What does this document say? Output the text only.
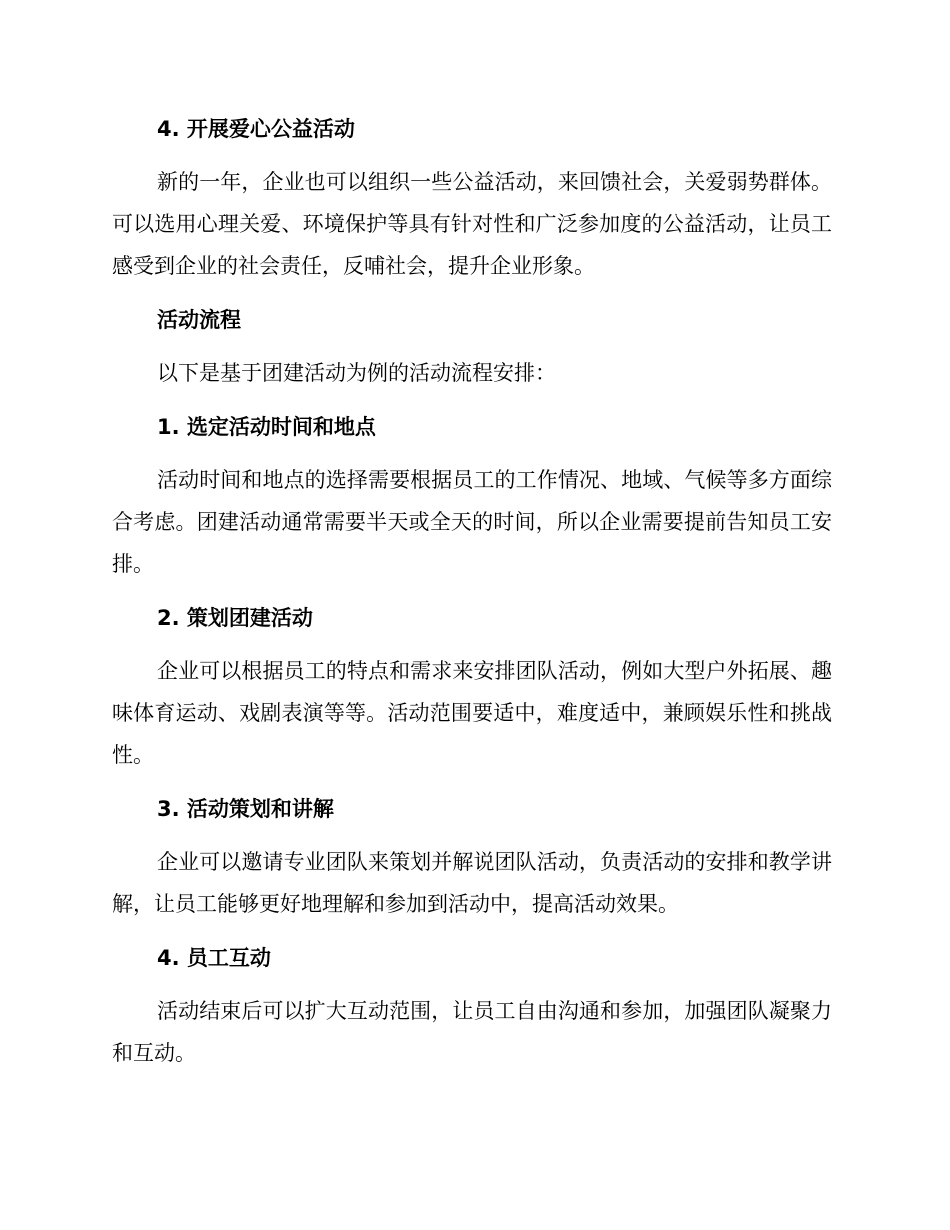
4. 开展爱心公益活动

新的一年，企业也可以组织一些公益活动，来回馈社会，关爱弱势群体。可以选用心理关爱、环境保护等具有针对性和广泛参加度的公益活动，让员工感受到企业的社会责任，反哺社会，提升企业形象。

活动流程

以下是基于团建活动为例的活动流程安排：

1. 选定活动时间和地点

活动时间和地点的选择需要根据员工的工作情况、地域、气候等多方面综合考虑。团建活动通常需要半天或全天的时间，所以企业需要提前告知员工安排。

2. 策划团建活动

企业可以根据员工的特点和需求来安排团队活动，例如大型户外拓展、趣味体育运动、戏剧表演等等。活动范围要适中，难度适中，兼顾娱乐性和挑战性。

3. 活动策划和讲解

企业可以邀请专业团队来策划并解说团队活动，负责活动的安排和教学讲解，让员工能够更好地理解和参加到活动中，提高活动效果。

4. 员工互动

活动结束后可以扩大互动范围，让员工自由沟通和参加，加强团队凝聚力和互动。
